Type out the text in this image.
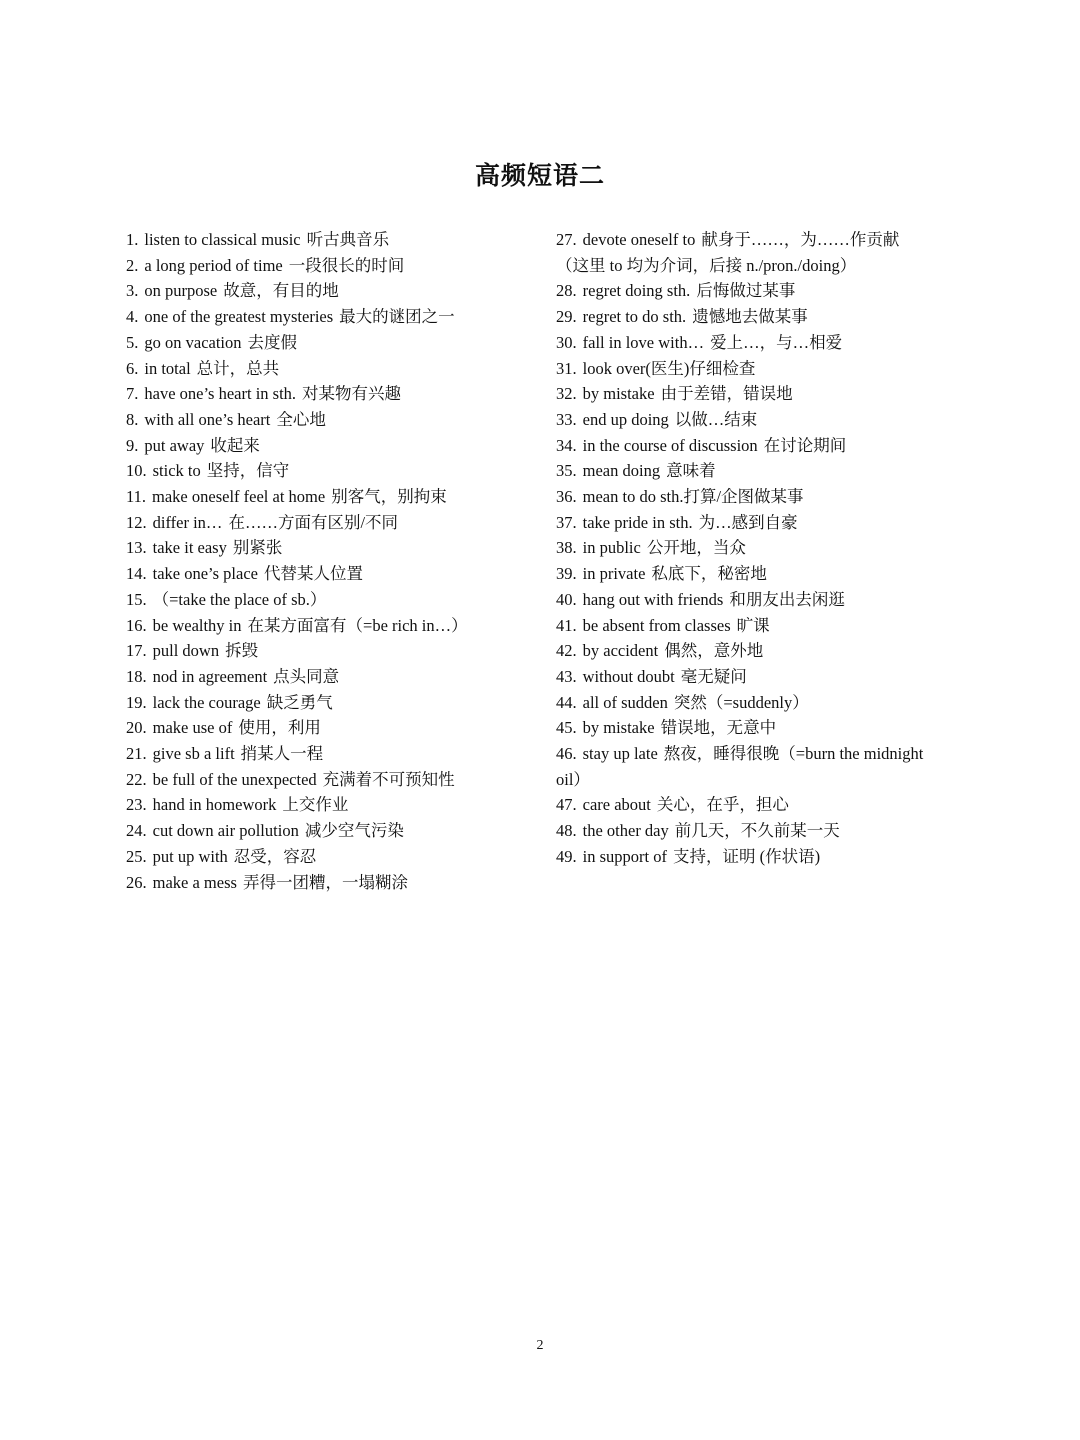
高频短语二
1. listen to classical music 听古典音乐
2. a long period of time 一段很长的时间
3. on purpose 故意，有目的地
4. one of the greatest mysteries 最大的谜团之一
5. go on vacation 去度假
6. in total 总计，总共
7. have one’s heart in sth. 对某物有兴趣
8. with all one’s heart 全心地
9. put away 收起来
10. stick to 坚持，信守
11. make oneself feel at home 别客气，别拘束
12. differ in… 在……方面有区别/不同
13. take it easy 别紧张
14. take one’s place 代替某人位置
15. （=take the place of sb.）
16. be wealthy in 在某方面富有（=be rich in…）
17. pull down 拆毁
18. nod in agreement 点头同意
19. lack the courage 缺乏勇气
20. make use of 使用，利用
21. give sb a lift 捎某人一程
22. be full of the unexpected 充满着不可预知性
23. hand in homework 上交作业
24. cut down air pollution 减少空气污染
25. put up with 忍受，容忍
26. make a mess 弄得一团糟，一塌糊涂
27. devote oneself to 献身于……，为……作贡献
（这里 to 均为介词，后接 n./pron./doing）
28. regret doing sth. 后悔做过某事
29. regret to do sth. 遗憾地去做某事
30. fall in love with… 爱上…，与…相爱
31. look over(医生)仔细检查
32. by mistake 由于差错，错误地
33. end up doing 以做…结束
34. in the course of discussion 在讨论期间
35. mean doing 意味着
36. mean to do sth.打算/企图做某事
37. take pride in sth. 为…感到自豪
38. in public 公开地，当众
39. in private 私底下，秘密地
40. hang out with friends 和朋友出去闲逛
41. be absent from classes 旷课
42. by accident 偶然，意外地
43. without doubt 毫无疑问
44. all of sudden 突然（=suddenly）
45. by mistake 错误地，无意中
46. stay up late 熬夜，睡得很晚（=burn the midnight
oil）
47. care about 关心，在乎，担心
48. the other day 前几天，不久前某一天
49. in support of 支持，证明 (作状语)
2
